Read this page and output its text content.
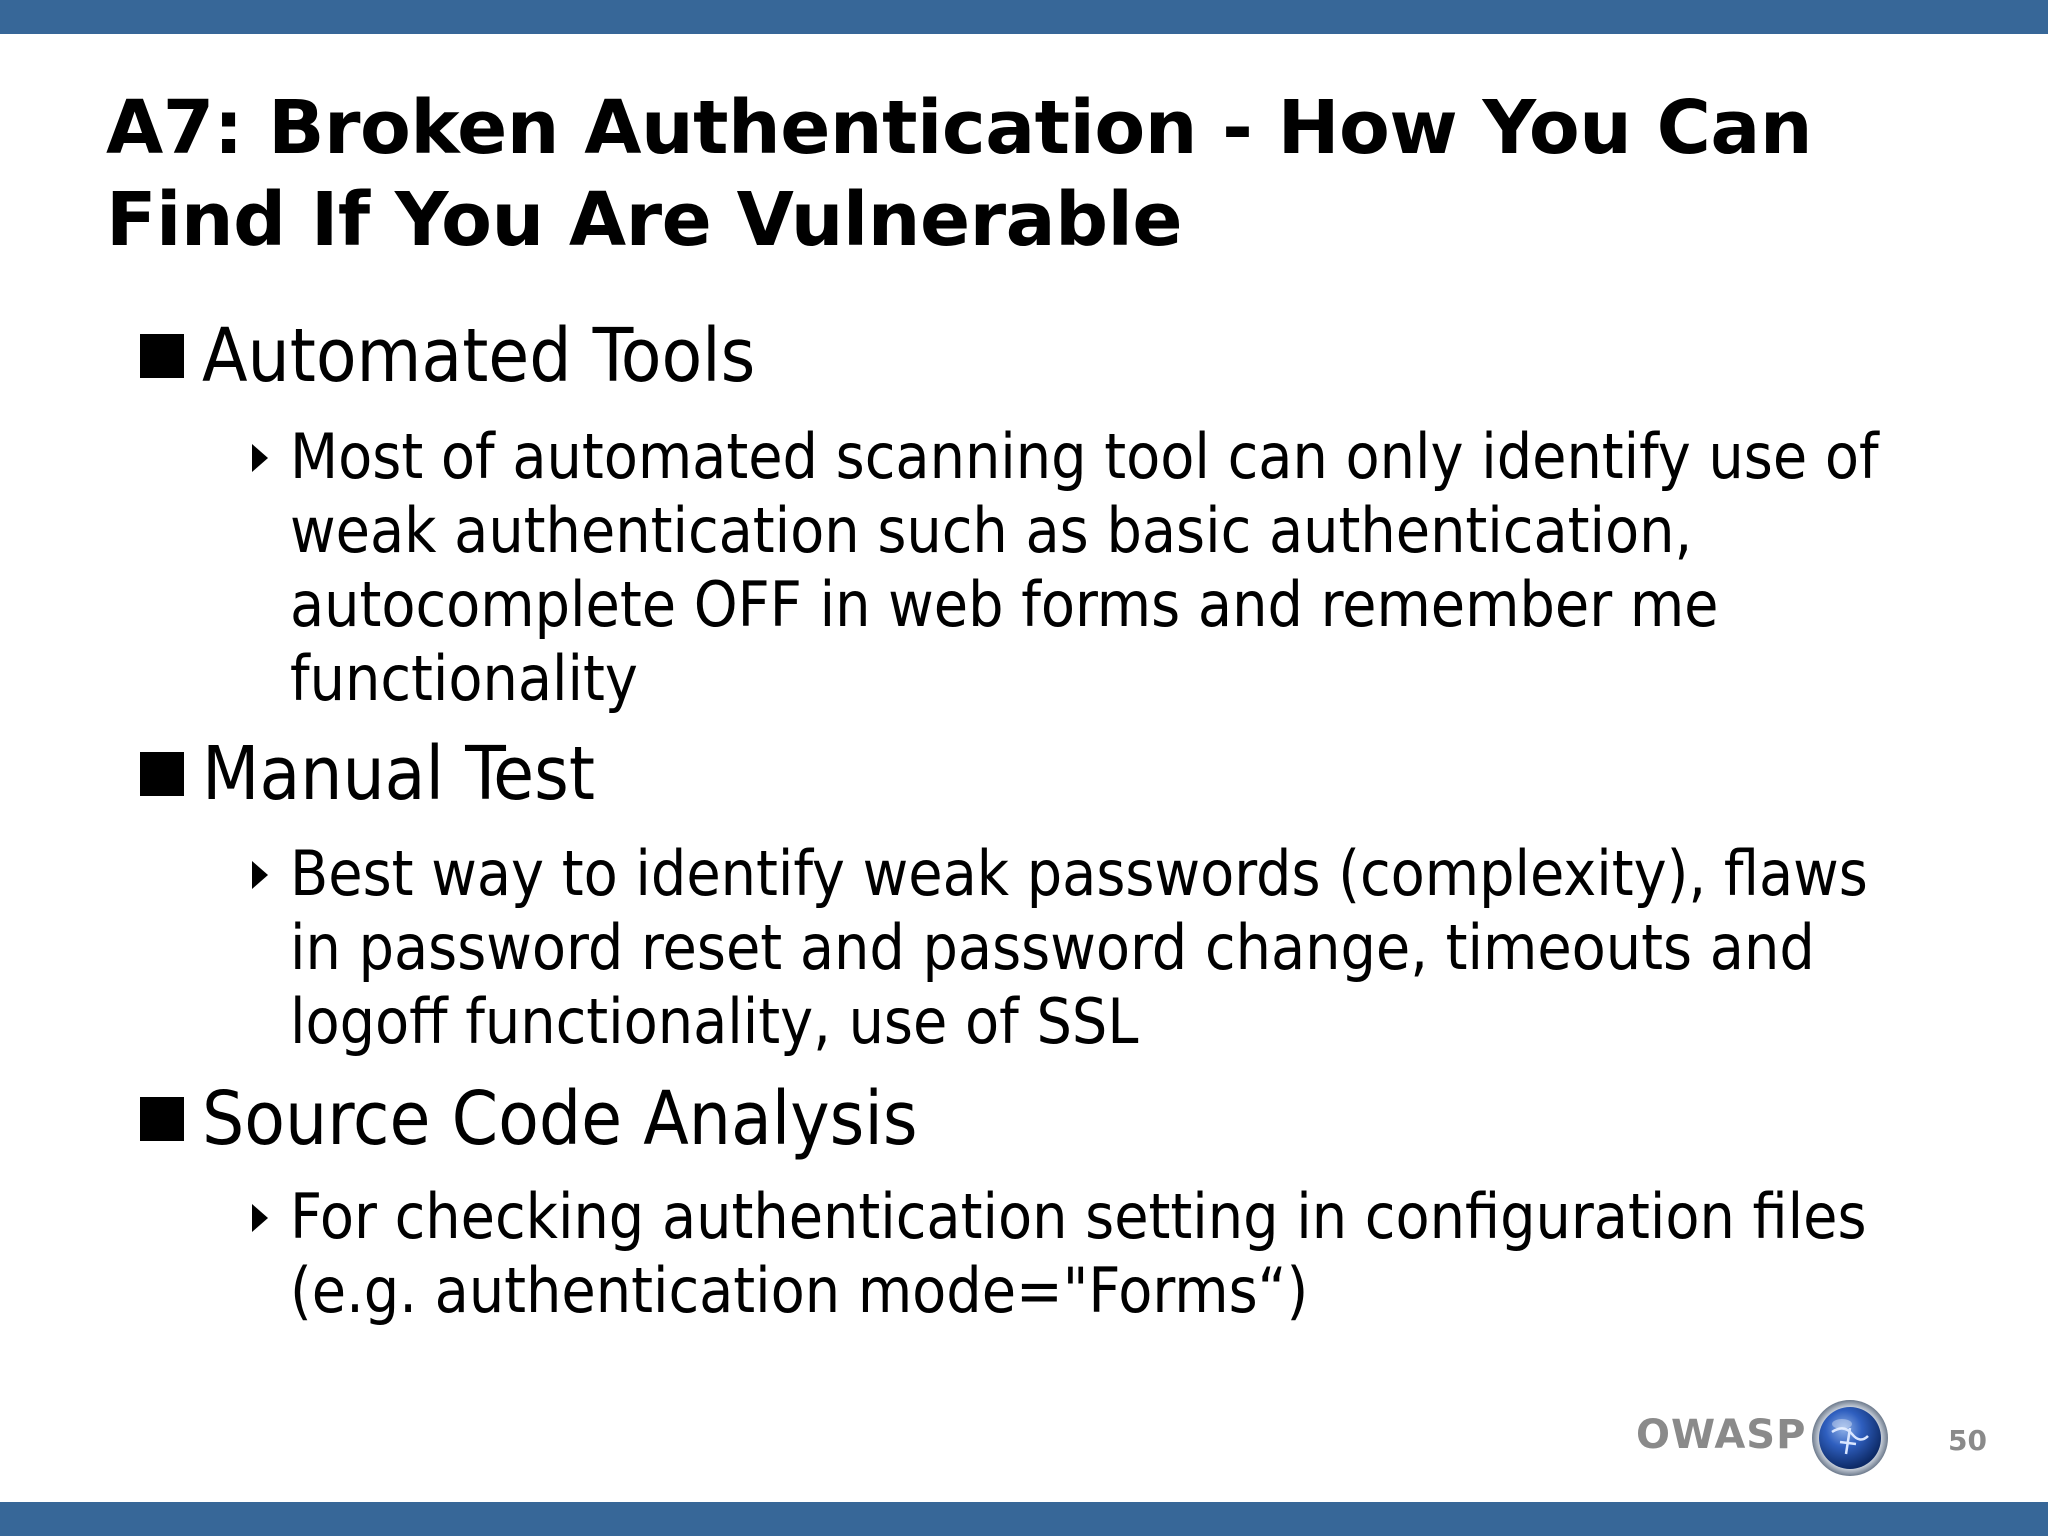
A7: Broken Authentication - How You Can
Find If You Are Vulnerable
Automated Tools
Most of automated scanning tool can only identify use of weak authentication such as basic authentication, autocomplete OFF in web forms and remember me functionality
Manual Test
Best way to identify weak passwords (complexity), flaws in password reset and password change, timeouts and logoff functionality, use of SSL
Source Code Analysis
For checking authentication setting in configuration files (e.g. authentication mode="Forms“)
OWASP	50
